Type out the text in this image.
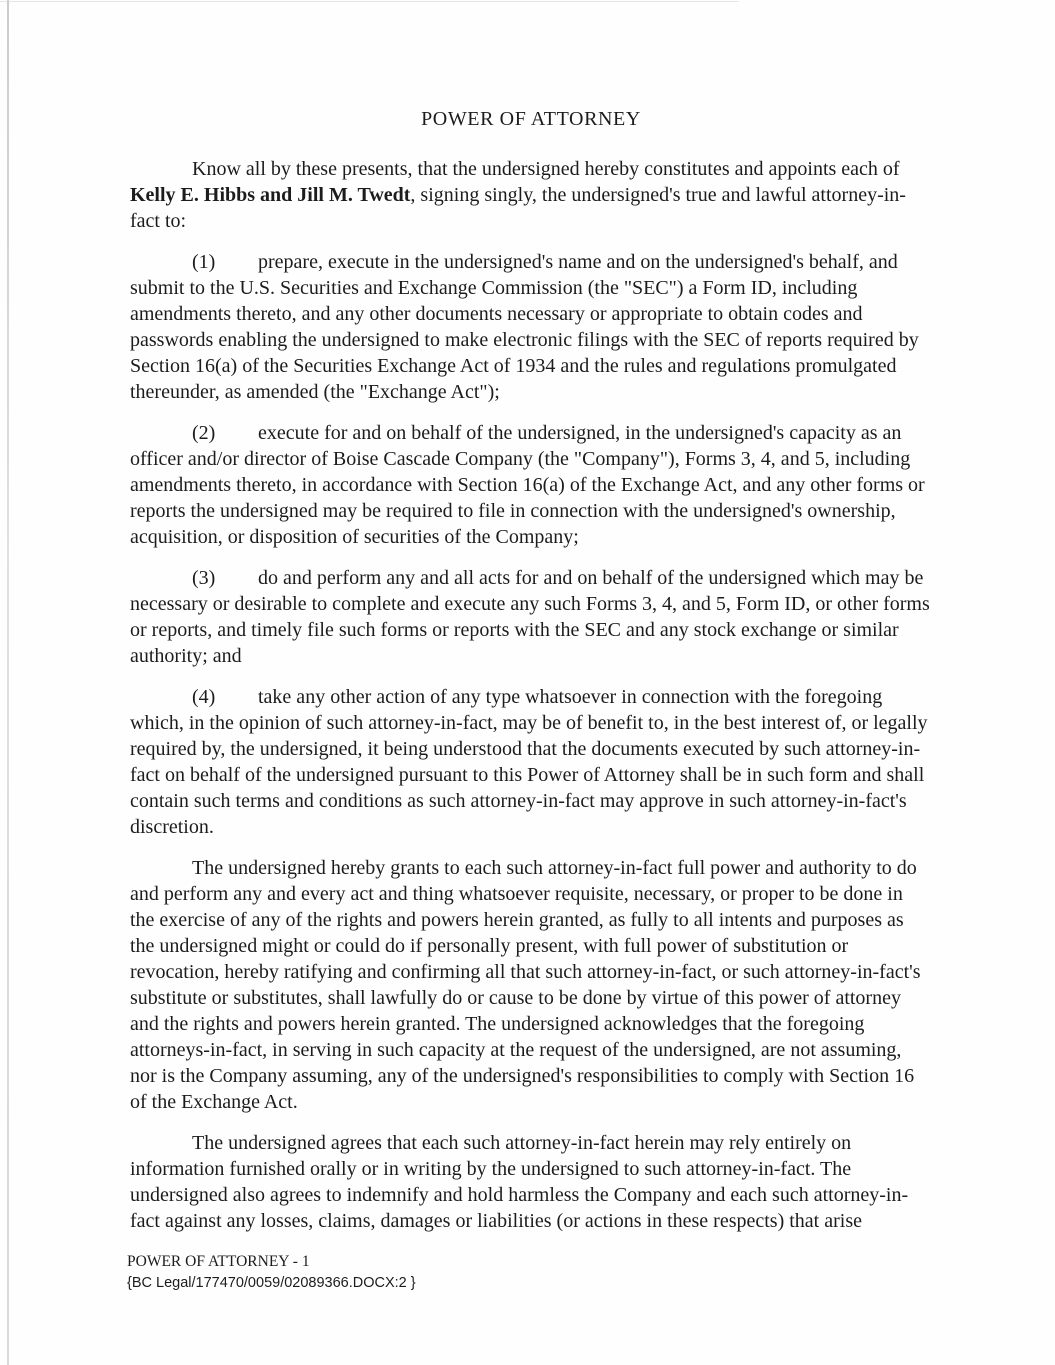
POWER OF ATTORNEY

Know all by these presents, that the undersigned hereby constitutes and appoints each of Kelly E. Hibbs and Jill M. Twedt, signing singly, the undersigned's true and lawful attorney-in-fact to:

(1) prepare, execute in the undersigned's name and on the undersigned's behalf, and submit to the U.S. Securities and Exchange Commission (the "SEC") a Form ID, including amendments thereto, and any other documents necessary or appropriate to obtain codes and passwords enabling the undersigned to make electronic filings with the SEC of reports required by Section 16(a) of the Securities Exchange Act of 1934 and the rules and regulations promulgated thereunder, as amended (the "Exchange Act");

(2) execute for and on behalf of the undersigned, in the undersigned's capacity as an officer and/or director of Boise Cascade Company (the "Company"), Forms 3, 4, and 5, including amendments thereto, in accordance with Section 16(a) of the Exchange Act, and any other forms or reports the undersigned may be required to file in connection with the undersigned's ownership, acquisition, or disposition of securities of the Company;

(3) do and perform any and all acts for and on behalf of the undersigned which may be necessary or desirable to complete and execute any such Forms 3, 4, and 5, Form ID, or other forms or reports, and timely file such forms or reports with the SEC and any stock exchange or similar authority; and

(4) take any other action of any type whatsoever in connection with the foregoing which, in the opinion of such attorney-in-fact, may be of benefit to, in the best interest of, or legally required by, the undersigned, it being understood that the documents executed by such attorney-in-fact on behalf of the undersigned pursuant to this Power of Attorney shall be in such form and shall contain such terms and conditions as such attorney-in-fact may approve in such attorney-in-fact's discretion.

The undersigned hereby grants to each such attorney-in-fact full power and authority to do and perform any and every act and thing whatsoever requisite, necessary, or proper to be done in the exercise of any of the rights and powers herein granted, as fully to all intents and purposes as the undersigned might or could do if personally present, with full power of substitution or revocation, hereby ratifying and confirming all that such attorney-in-fact, or such attorney-in-fact's substitute or substitutes, shall lawfully do or cause to be done by virtue of this power of attorney and the rights and powers herein granted. The undersigned acknowledges that the foregoing attorneys-in-fact, in serving in such capacity at the request of the undersigned, are not assuming, nor is the Company assuming, any of the undersigned's responsibilities to comply with Section 16 of the Exchange Act.

The undersigned agrees that each such attorney-in-fact herein may rely entirely on information furnished orally or in writing by the undersigned to such attorney-in-fact. The undersigned also agrees to indemnify and hold harmless the Company and each such attorney-in-fact against any losses, claims, damages or liabilities (or actions in these respects) that arise

POWER OF ATTORNEY - 1
{BC Legal/177470/0059/02089366.DOCX:2 }
